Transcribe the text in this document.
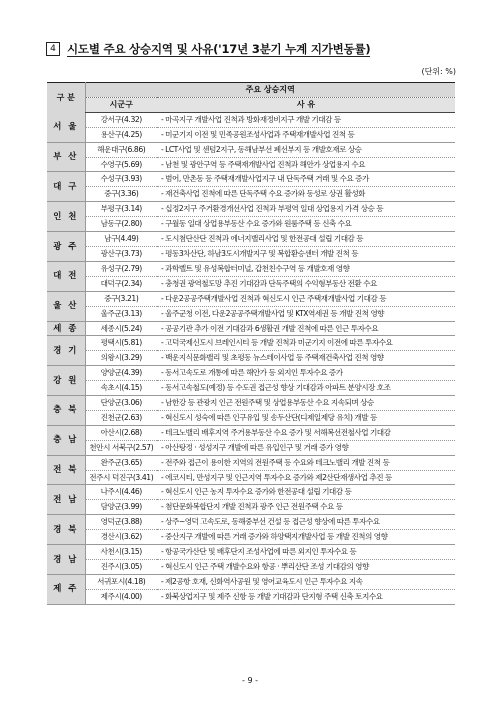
4 시도별 주요 상승지역 및 사유('17년 3분기 누계 지가변동률)
(단위: %)
구 분	주요 상승지역	
	시군구	사 유
서 울	강서구(4.32)	- 마곡지구 개발사업 진척과 방화재정비지구 개발 기대감 등
	용산구(4.25)	- 미군기지 이전 및 민족공원조성사업과 주택재개발사업 진척 등
부 산	해운대구(6.86)	- LCT사업 및 센텀2지구, 동해남부선 폐선부지 등 개발호재로 상승
	수영구(5.69)	- 남천 및 광안구역 등 주택재개발사업 진척과 해안가 상업용지 수요
대 구	수성구(3.93)	- 범어, 만촌동 등 주택재개발사업지구 내 단독주택 거래 및 수요 증가
	중구(3.36)	- 재건축사업 진척에 따른 단독주택 수요 증가와 동성로 상권 활성화
인 천	부평구(3.14)	- 십정2지구 주거환경개선사업 진척과 부평역 일대 상업용지 가격 상승 등
	남동구(2.80)	- 구월동 일대 상업용부동산 수요 증가와 원룸주택 등 신축 수요
광 주	남구(4.49)	- 도시첨단산단 진척과 에너지밸리사업 및 한전공대 설립 기대감 등
	광산구(3.73)	- 평동3차산단, 하남3도시개발지구 및 복합환승센터 개발 진척 등
대 전	유성구(2.79)	- 과학벨트 및 유성복합터미널, 갑천친수구역 등 개발호재 영향
	대덕구(2.34)	- 충청권 광역철도망 추진 기대감과 단독주택의 수익형부동산 전환 수요
울 산	중구(3.21)	- 다운2공공주택개발사업 진척과 혁신도시 인근 주택재개발사업 기대감 등
	울주군(3.13)	- 울주군청 이전, 다운2공공주택개발사업 및 KTX역세권 등 개발 진척 영향
세 종	세종시(5.24)	- 공공기관 추가 이전 기대감과 6생활권 개발 진척에 따른 인근 투자수요
경 기	평택시(5.81)	- 고덕국제신도시 브레인시티 등 개발 진척과 미군기지 이전에 따른 투자수요
	의왕시(3.29)	- 백운지식문화밸리 및 초평동 뉴스테이사업 등 주택재건축사업 진척 영향
강 원	양양군(4.39)	- 동서고속도로 개통에 따른 해안가 등 외지인 투자수요 증가
	속초시(4.15)	- 동서고속철도(예정) 등 수도권 접근성 향상 기대감과 아파트 분양시장 호조
충 북	단양군(3.06)	- 남한강 등 관광지 인근 전원주택 및 상업용부동산 수요 지속되며 상승
	진천군(2.63)	- 혁신도시 성숙에 따른 인구유입 및 송두산단(디제일제당 유치) 개발 등
충 남	아산시(2.68)	- 테크노밸리 배후지역 주거용부동산 수요 증가 및 서해복선전철사업 기대감
	천안시 서북구(2.57)	- 아산탕정 · 성성지구 개발에 따른 유입인구 및 거래 증가 영향
전 북	완주군(3.65)	- 전주와 접근이 용이한 지역의 전원주택 등 수요와 테크노밸리 개발 진척 등
	전주시 덕진구(3.41)	- 에코시티, 만성지구 및 인근지역 투자수요 증가와 제2산단재생사업 추진 등
전 남	나주시(4.46)	- 혁신도시 인근 농지 투자수요 증가와 한전공대 설립 기대감 등
	담양군(3.99)	- 첨단문화복합단지 개발 진척과 광주 인근 전원주택 수요 등
경 북	영덕군(3.88)	- 상주~영덕 고속도로, 동해중부선 건설 등 접근성 향상에 따른 투자수요
	경산시(3.62)	- 중산지구 개발에 따른 거래 증가와 하양택지개발사업 등 개발 진척의 영향
경 남	사천시(3.15)	- 항공국가산단 및 배후단지 조성사업에 따른 외지인 투자수요 등
	진주시(3.05)	- 혁신도시 인근 주택 개발수요와 항공 · 뿌리산단 조성 기대감의 영향
제 주	서귀포시(4.18)	- 제2공항 호재, 신화역사공원 및 영어교육도시 인근 투자수요 지속
	제주시(4.00)	- 화북상업지구 및 제주 신항 등 개발 기대감과 단지형 주택 신축 토지수요
- 9 -
